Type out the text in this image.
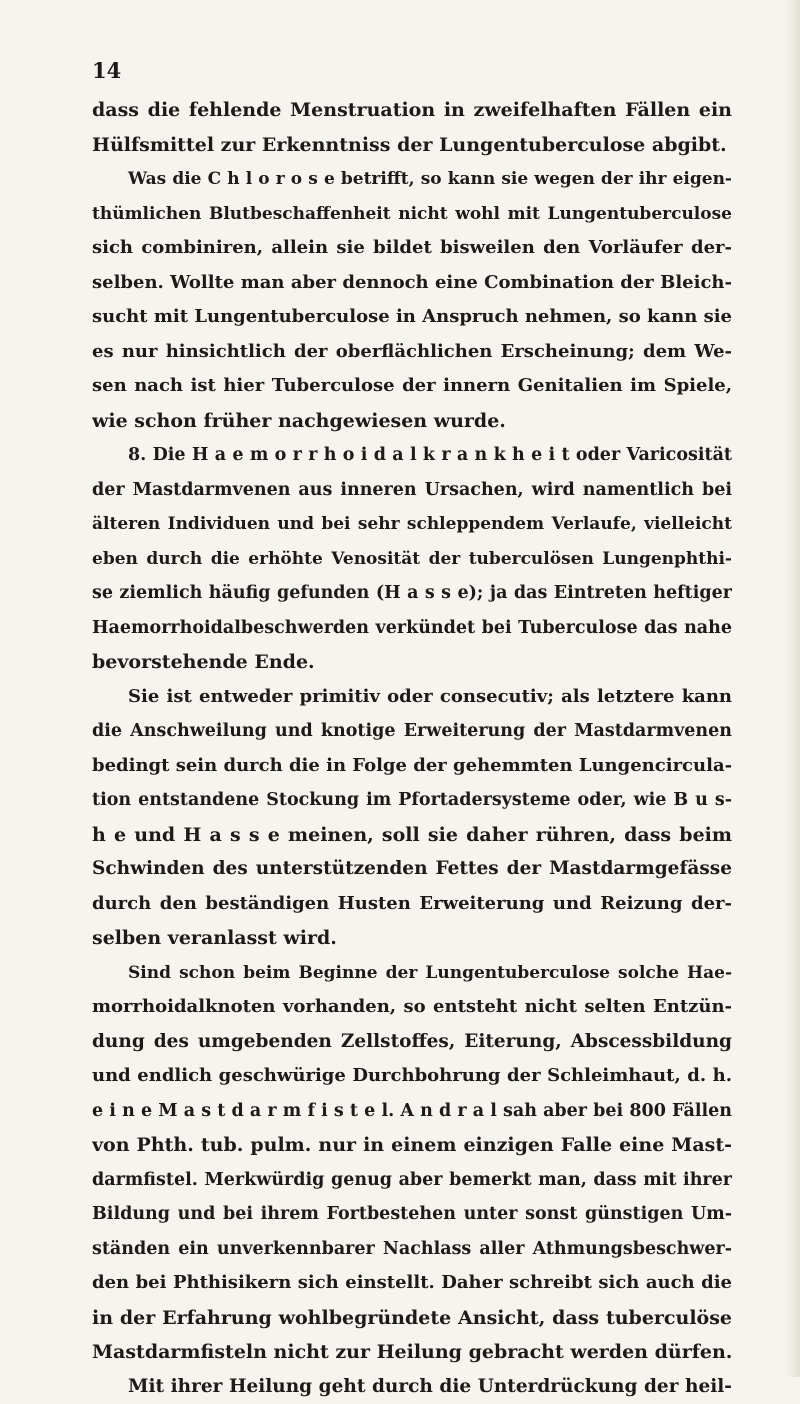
14
dass die fehlende Menstruation in zweifelhaften Fällen ein
Hülfsmittel zur Erkenntniss der Lungentuberculose abgibt.
Was die C h l o r o s e betrifft, so kann sie wegen der ihr eigen-
thümlichen Blutbeschaffenheit nicht wohl mit Lungentuberculose
sich combiniren, allein sie bildet bisweilen den Vorläufer der-
selben. Wollte man aber dennoch eine Combination der Bleich-
sucht mit Lungentuberculose in Anspruch nehmen, so kann sie
es nur hinsichtlich der oberflächlichen Erscheinung; dem We-
sen nach ist hier Tuberculose der innern Genitalien im Spiele,
wie schon früher nachgewiesen wurde.
8. Die H a e m o r r h o i d a l k r a n k h e i t oder Varicosität
der Mastdarmvenen aus inneren Ursachen, wird namentlich bei
älteren Individuen und bei sehr schleppendem Verlaufe, vielleicht
eben durch die erhöhte Venosität der tuberculösen Lungenphthi-
se ziemlich häufig gefunden (H a s s e); ja das Eintreten heftiger
Haemorrhoidalbeschwerden verkündet bei Tuberculose das nahe
bevorstehende Ende.
Sie ist entweder primitiv oder consecutiv; als letztere kann
die Anschweilung und knotige Erweiterung der Mastdarmvenen
bedingt sein durch die in Folge der gehemmten Lungencircula-
tion entstandene Stockung im Pfortadersysteme oder, wie B u s-
h e und H a s s e meinen, soll sie daher rühren, dass beim
Schwinden des unterstützenden Fettes der Mastdarmgefässe
durch den beständigen Husten Erweiterung und Reizung der-
selben veranlasst wird.
Sind schon beim Beginne der Lungentuberculose solche Hae-
morrhoidalknoten vorhanden, so entsteht nicht selten Entzün-
dung des umgebenden Zellstoffes, Eiterung, Abscessbildung
und endlich geschwürige Durchbohrung der Schleimhaut, d. h.
e i n e M a s t d a r m f i s t e l. A n d r a l sah aber bei 800 Fällen
von Phth. tub. pulm. nur in einem einzigen Falle eine Mast-
darmfistel. Merkwürdig genug aber bemerkt man, dass mit ihrer
Bildung und bei ihrem Fortbestehen unter sonst günstigen Um-
ständen ein unverkennbarer Nachlass aller Athmungsbeschwer-
den bei Phthisikern sich einstellt. Daher schreibt sich auch die
in der Erfahrung wohlbegründete Ansicht, dass tuberculöse
Mastdarmfisteln nicht zur Heilung gebracht werden dürfen.
Mit ihrer Heilung geht durch die Unterdrückung der heil-
